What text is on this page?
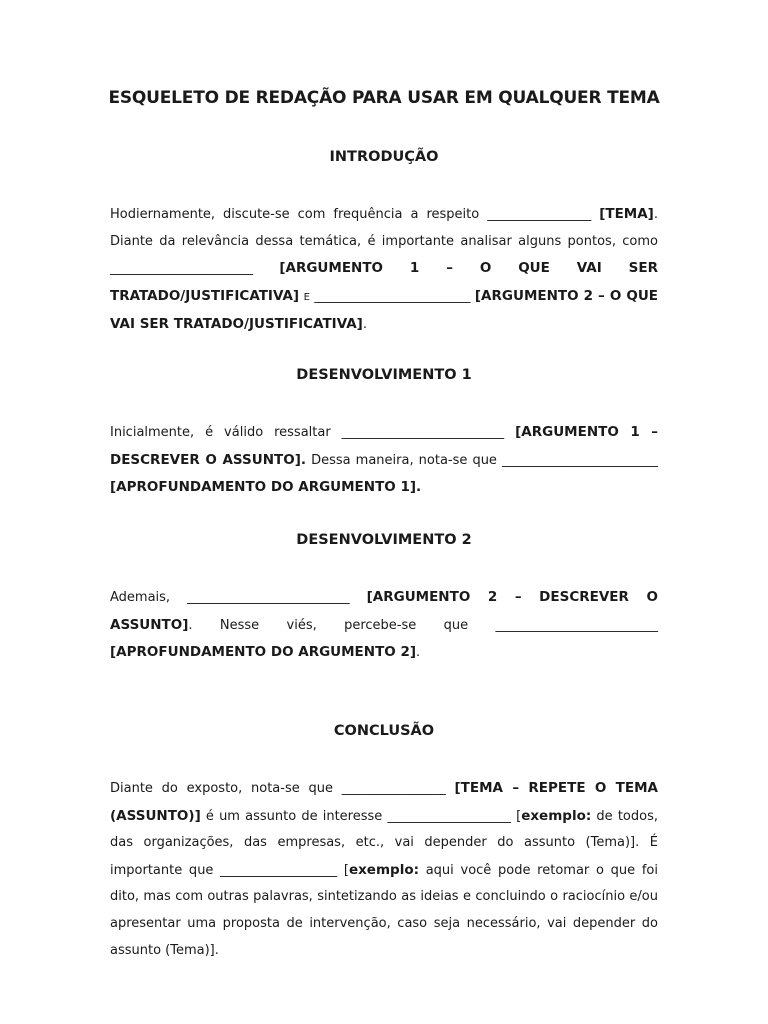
ESQUELETO DE REDAÇÃO PARA USAR EM QUALQUER TEMA
INTRODUÇÃO

Hodiernamente, discute-se com frequência a respeito ________________ [TEMA]. Diante da relevância dessa temática, é importante analisar alguns pontos, como ______________________ [ARGUMENTO 1 – O QUE VAI SER TRATADO/JUSTIFICATIVA] E ________________________ [ARGUMENTO 2 – O QUE VAI SER TRATADO/JUSTIFICATIVA].

DESENVOLVIMENTO 1

Inicialmente, é válido ressaltar _________________________ [ARGUMENTO 1 – DESCREVER O ASSUNTO]. Dessa maneira, nota-se que ________________________ [APROFUNDAMENTO DO ARGUMENTO 1].

DESENVOLVIMENTO 2

Ademais, _________________________ [ARGUMENTO 2 – DESCREVER O ASSUNTO]. Nesse viés, percebe-se que _________________________ [APROFUNDAMENTO DO ARGUMENTO 2].

CONCLUSÃO

Diante do exposto, nota-se que ________________ [TEMA – REPETE O TEMA (ASSUNTO)] é um assunto de interesse ___________________ [exemplo: de todos, das organizações, das empresas, etc., vai depender do assunto (Tema)]. É importante que __________________ [exemplo: aqui você pode retomar o que foi dito, mas com outras palavras, sintetizando as ideias e concluindo o raciocínio e/ou apresentar uma proposta de intervenção, caso seja necessário, vai depender do assunto (Tema)].
